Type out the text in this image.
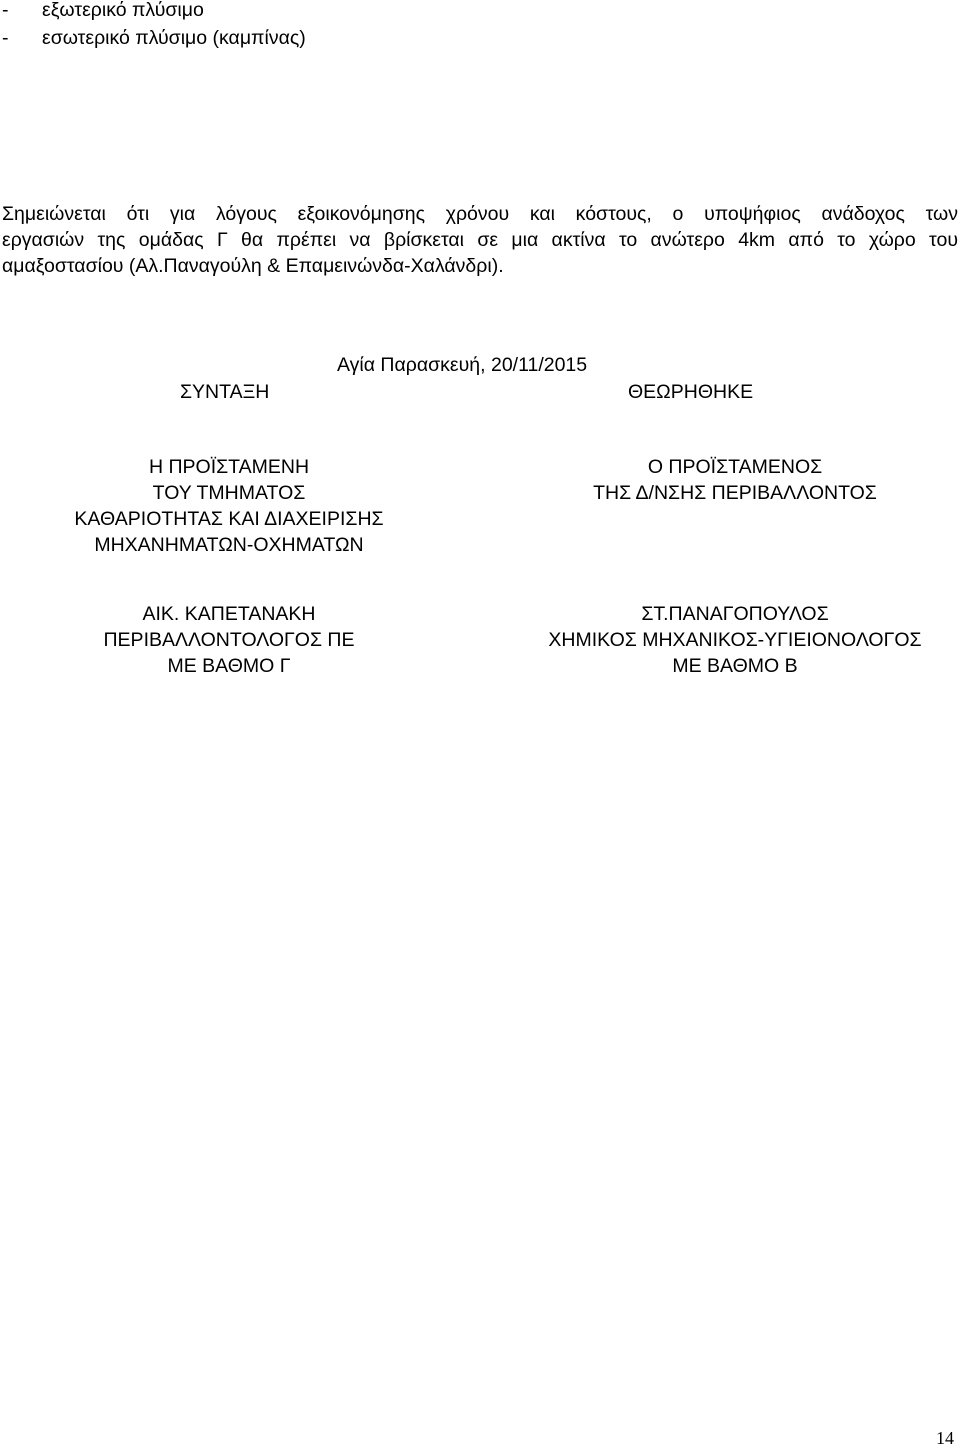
- εξωτερικό πλύσιμο
- εσωτερικό πλύσιμο (καμπίνας)
Σημειώνεται ότι για λόγους εξοικονόμησης χρόνου και κόστους, ο υποψήφιος ανάδοχος των
εργασιών της ομάδας Γ θα πρέπει να βρίσκεται σε μια ακτίνα το ανώτερο 4km από το χώρο του
αμαξοστασίου (Αλ.Παναγούλη & Επαμεινώνδα-Χαλάνδρι).
Αγία Παρασκευή, 20/11/2015
ΣΥΝΤΑΞΗ	ΘΕΩΡΗΘΗΚΕ
Η ΠΡΟΪΣΤΑΜΕΝΗ
ΤΟΥ ΤΜΗΜΑΤΟΣ
ΚΑΘΑΡΙΟΤΗΤΑΣ ΚΑΙ ΔΙΑΧΕΙΡΙΣΗΣ
ΜΗΧΑΝΗΜΑΤΩΝ-ΟΧΗΜΑΤΩΝ
Ο ΠΡΟΪΣΤΑΜΕΝΟΣ
ΤΗΣ Δ/ΝΣΗΣ ΠΕΡΙΒΑΛΛΟΝΤΟΣ
ΑΙΚ. ΚΑΠΕΤΑΝΑΚΗ
ΠΕΡΙΒΑΛΛΟΝΤΟΛΟΓΟΣ ΠΕ
ΜΕ ΒΑΘΜΟ Γ
ΣΤ.ΠΑΝΑΓΟΠΟΥΛΟΣ
ΧΗΜΙΚΟΣ ΜΗΧΑΝΙΚΟΣ-ΥΓΙΕΙΟΝΟΛΟΓΟΣ
ΜΕ ΒΑΘΜΟ Β
14
